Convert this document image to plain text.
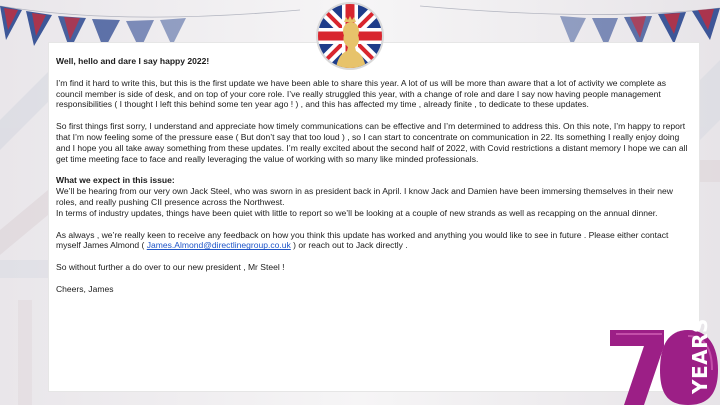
Well, hello and dare I say happy 2022!

I’m find it hard to write this, but this is the first update we have been able to share this year. A lot of us will be more than aware that a lot of activity we complete as council member is side of desk, and on top of your core role. I’ve really struggled this year, with a change of role and dare I say now having people management responsibilities ( I thought I left this behind some ten year ago ! ) , and this has affected my time , already finite , to dedicate to these updates.

So first things first sorry, I understand and appreciate how timely communications can be effective and I’m determined to address this. On this note, I’m happy to report that I’m now feeling some of the pressure ease ( But don’t say that too loud ) , so I can start to concentrate on communication in 22. Its something I really enjoy doing and I hope you all take away something from these updates. I’m really excited about the second half of 2022, with Covid restrictions a distant memory I hope we can all get time meeting face to face and really leveraging the value of working with so many like minded professionals.

What we expect in this issue:

We’ll be hearing from our very own Jack Steel, who was sworn in as president back in April. I know Jack and Damien have been immersing themselves in their new roles, and really pushing CII presence across the Northwest.

In terms of industry updates, things have been quiet with little to report so we’ll be looking at a couple of new strands as well as recapping on the annual dinner.

As always , we’re really keen to receive any feedback on how you think this update has worked and anything you would like to see in future . Please either contact myself James Almond ( James.Almond@directlinegroup.co.uk ) or reach out to Jack directly .

So without further a do over to our new president , Mr Steel !

Cheers, James

YEARS
